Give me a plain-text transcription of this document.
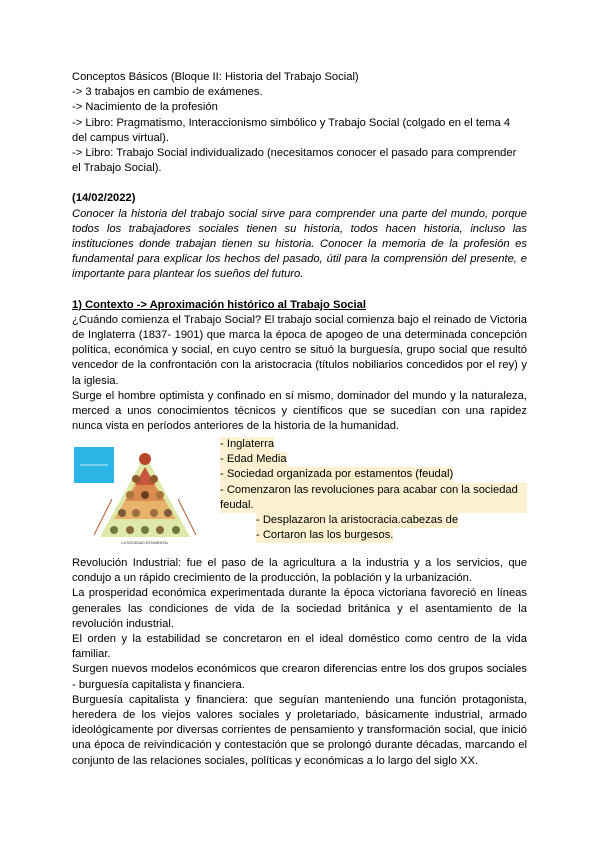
Conceptos Básicos (Bloque II: Historia del Trabajo Social)

-> 3 trabajos en cambio de exámenes.

-> Nacimiento de la profesión

-> Libro: Pragmatismo, Interaccionismo simbólico y Trabajo Social (colgado en el tema 4 del campus virtual).

-> Libro: Trabajo Social individualizado (necesitamos conocer el pasado para comprender el Trabajo Social).

(14/02/2022)

Conocer la historia del trabajo social sirve para comprender una parte del mundo, porque todos los trabajadores sociales tienen su historia, todos hacen historia, incluso las instituciones donde trabajan tienen su historia. Conocer la memoria de la profesión es fundamental para explicar los hechos del pasado, útil para la comprensión del presente, e importante para plantear los sueños del futuro.

1) Contexto -> Aproximación histórico al Trabajo Social

¿Cuándo comienza el Trabajo Social? El trabajo social comienza bajo el reinado de Victoria de Inglaterra (1837- 1901) que marca la época de apogeo de una determinada concepción política, económica y social, en cuyo centro se situó la burguesía, grupo social que resultó vencedor de la confrontación con la aristocracia (títulos nobiliarios concedidos por el rey) y la iglesia.

Surge el hombre optimista y confinado en sí mismo, dominador del mundo y la naturaleza, merced a unos conocimientos técnicos y científicos que se sucedían con una rapidez nunca vista en períodos anteriores de la historia de la humanidad.

LA SOCIEDAD ESTAMENTAL
- Inglaterra
- Edad Media
- Sociedad organizada por estamentos (feudal)
- Comenzaron las revoluciones para acabar con la sociedad feudal.
- Desplazaron la aristocracia.cabezas de
- Cortaron las los burgesos.

Revolución Industrial: fue el paso de la agricultura a la industria y a los servicios, que condujo a un rápido crecimiento de la producción, la población y la urbanización.

La prosperidad económica experimentada durante la época victoriana favoreció en líneas generales las condiciones de vida de la sociedad británica y el asentamiento de la revolución industrial.

El orden y la estabilidad se concretaron en el ideal doméstico como centro de la vida familiar.

Surgen nuevos modelos económicos que crearon diferencias entre los dos grupos sociales - burguesía capitalista y financiera.

Burguesía capitalista y financiera: que seguían manteniendo una función protagonista, heredera de los viejos valores sociales y proletariado, básicamente industrial, armado ideológicamente por diversas corrientes de pensamiento y transformación social, que inició una época de reivindicación y contestación que se prolongó durante décadas, marcando el conjunto de las relaciones sociales, políticas y económicas a lo largo del siglo XX.
